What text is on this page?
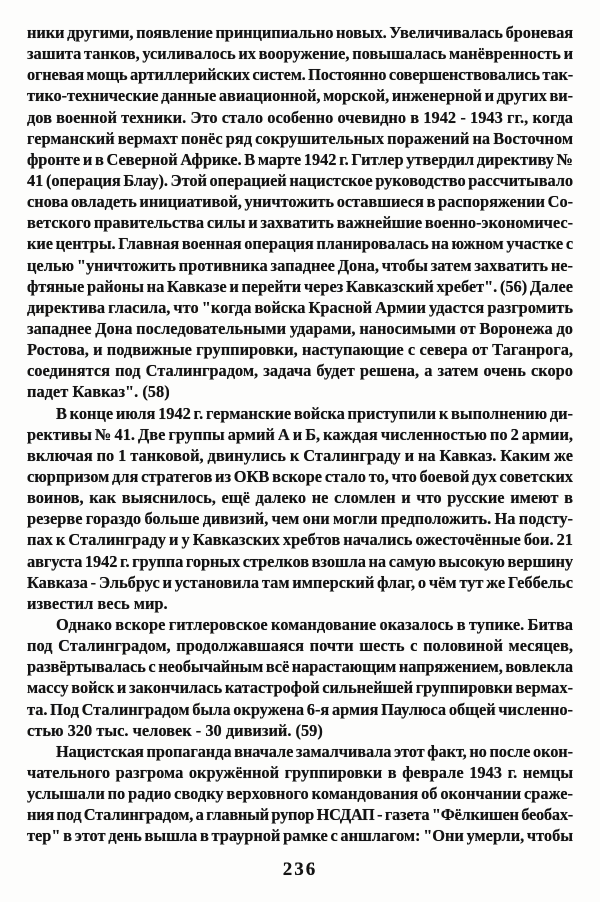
ники другими, появление принципиально новых. Увеличивалась броневая
зашита танков, усиливалось их вооружение, повышалась манёвренность и
огневая мощь артиллерийских систем. Постоянно совершенствовались так-
тико-технические данные авиационной, морской, инженерной и других ви-
дов военной техники. Это стало особенно очевидно в 1942 - 1943 гг., когда
германский вермахт понёс ряд сокрушительных поражений на Восточном
фронте и в Северной Африке. В марте 1942 г. Гитлер утвердил директиву №
41 (операция Блау). Этой операцией нацистское руководство рассчитывало
снова овладеть инициативой, уничтожить оставшиеся в распоряжении Со-
ветского правительства силы и захватить важнейшие военно-экономичес-
кие центры. Главная военная операция планировалась на южном участке с
целью "уничтожить противника западнее Дона, чтобы затем захватить не-
фтяные районы на Кавказе и перейти через Кавказский хребет". (56) Далее
директива гласила, что "когда войска Красной Армии удастся разгромить
западнее Дона последовательными ударами, наносимыми от Воронежа до
Ростова, и подвижные группировки, наступающие с севера от Таганрога,
соединятся под Сталинградом, задача будет решена, а затем очень скоро
падет Кавказ". (58)
В конце июля 1942 г. германские войска приступили к выполнению ди-
рективы № 41. Две группы армий А и Б, каждая численностью по 2 армии,
включая по 1 танковой, двинулись к Сталинграду и на Кавказ. Каким же
сюрпризом для стратегов из ОКВ вскоре стало то, что боевой дух советских
воинов, как выяснилось, ещё далеко не сломлен и что русские имеют в
резерве гораздо больше дивизий, чем они могли предположить. На подсту-
пах к Сталинграду и у Кавказских хребтов начались ожесточённые бои. 21
августа 1942 г. группа горных стрелков взошла на самую высокую вершину
Кавказа - Эльбрус и установила там имперский флаг, о чём тут же Геббельс
известил весь мир.
Однако вскоре гитлеровское командование оказалось в тупике. Битва
под Сталинградом, продолжавшаяся почти шесть с половиной месяцев,
развёртывалась с необычайным всё нарастающим напряжением, вовлекла
массу войск и закончилась катастрофой сильнейшей группировки вермах-
та. Под Сталинградом была окружена 6-я армия Паулюса общей численно-
стью 320 тыс. человек - 30 дивизий. (59)
Нацистская пропаганда вначале замалчивала этот факт, но после окон-
чательного разгрома окружённой группировки в феврале 1943 г. немцы
услышали по радио сводку верховного командования об окончании сраже-
ния под Сталинградом, а главный рупор НСДАП - газета "Фёлкишен беобах-
тер" в этот день вышла в траурной рамке с аншлагом: "Они умерли, чтобы
236
